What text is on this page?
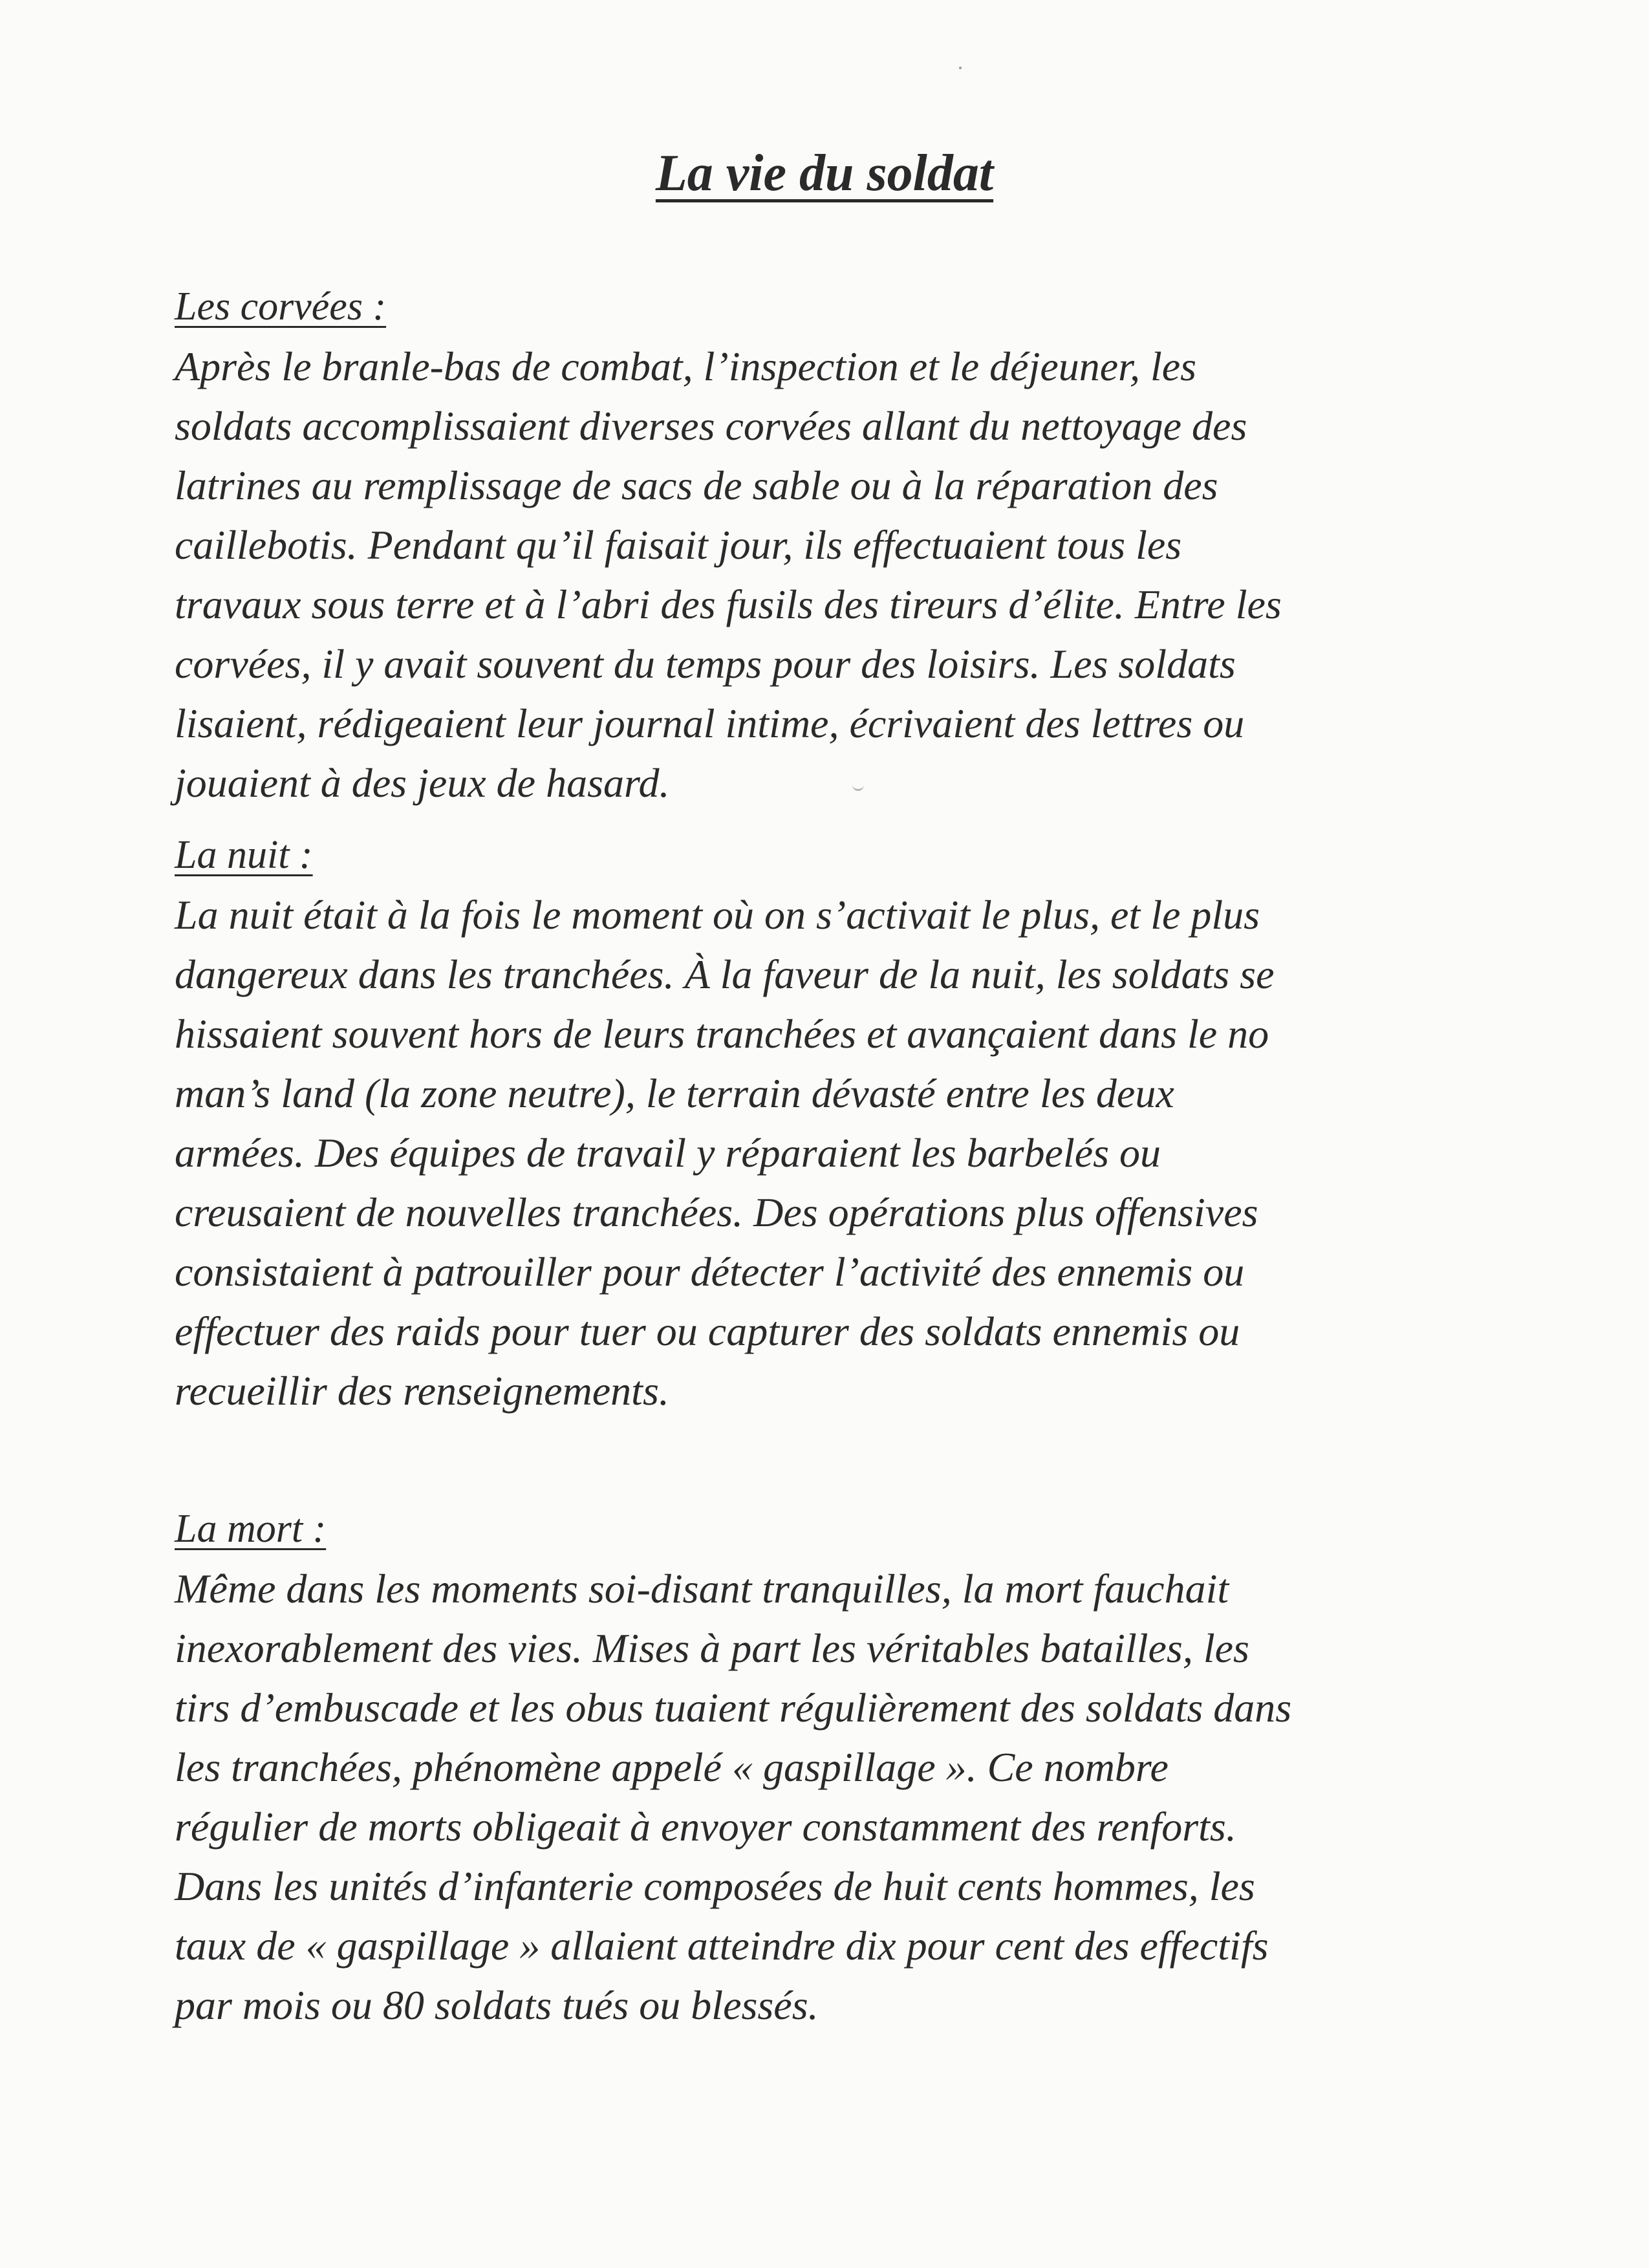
La vie du soldat

Les corvées :

Après le branle-bas de combat, l’inspection et le déjeuner, les
soldats accomplissaient diverses corvées allant du nettoyage des
latrines au remplissage de sacs de sable ou à la réparation des
caillebotis. Pendant qu’il faisait jour, ils effectuaient tous les
travaux sous terre et à l’abri des fusils des tireurs d’élite. Entre les
corvées, il y avait souvent du temps pour des loisirs. Les soldats
lisaient, rédigeaient leur journal intime, écrivaient des lettres ou
jouaient à des jeux de hasard.

La nuit :

La nuit était à la fois le moment où on s’activait le plus, et le plus
dangereux dans les tranchées. À la faveur de la nuit, les soldats se
hissaient souvent hors de leurs tranchées et avançaient dans le no
man’s land (la zone neutre), le terrain dévasté entre les deux
armées. Des équipes de travail y réparaient les barbelés ou
creusaient de nouvelles tranchées. Des opérations plus offensives
consistaient à patrouiller pour détecter l’activité des ennemis ou
effectuer des raids pour tuer ou capturer des soldats ennemis ou
recueillir des renseignements.

La mort :

Même dans les moments soi-disant tranquilles, la mort fauchait
inexorablement des vies. Mises à part les véritables batailles, les
tirs d’embuscade et les obus tuaient régulièrement des soldats dans
les tranchées, phénomène appelé « gaspillage ». Ce nombre
régulier de morts obligeait à envoyer constamment des renforts.
Dans les unités d’infanterie composées de huit cents hommes, les
taux de « gaspillage » allaient atteindre dix pour cent des effectifs
par mois ou 80 soldats tués ou blessés.
